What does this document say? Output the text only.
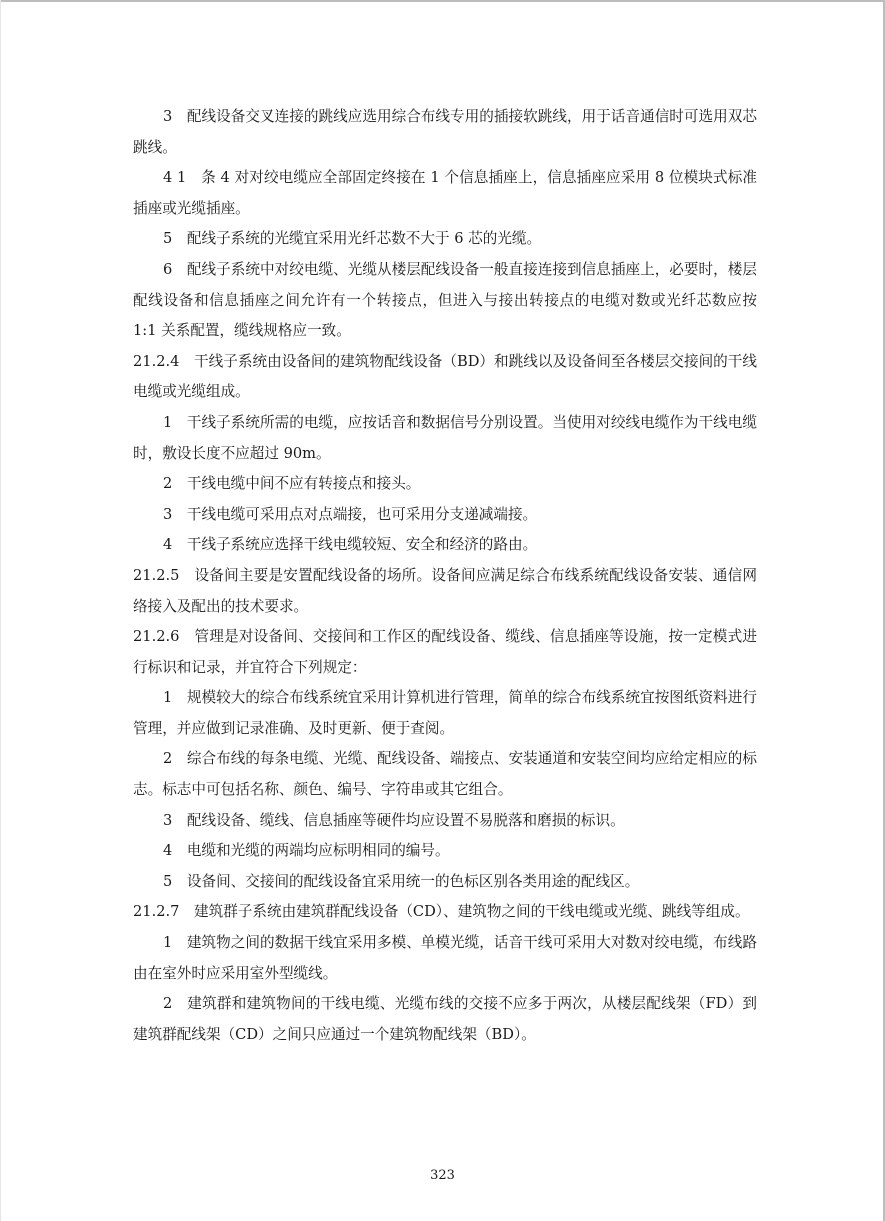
3　配线设备交叉连接的跳线应选用综合布线专用的插接软跳线，用于话音通信时可选用双芯跳线。

4 1　条 4 对对绞电缆应全部固定终接在 1 个信息插座上，信息插座应采用 8 位模块式标准插座或光缆插座。

5　配线子系统的光缆宜采用光纤芯数不大于 6 芯的光缆。

6　配线子系统中对绞电缆、光缆从楼层配线设备一般直接连接到信息插座上，必要时，楼层配线设备和信息插座之间允许有一个转接点，但进入与接出转接点的电缆对数或光纤芯数应按 1:1 关系配置，缆线规格应一致。

21.2.4　干线子系统由设备间的建筑物配线设备（BD）和跳线以及设备间至各楼层交接间的干线电缆或光缆组成。

1　干线子系统所需的电缆，应按话音和数据信号分别设置。当使用对绞线电缆作为干线电缆时，敷设长度不应超过 90m。

2　干线电缆中间不应有转接点和接头。

3　干线电缆可采用点对点端接，也可采用分支递减端接。

4　干线子系统应选择干线电缆较短、安全和经济的路由。

21.2.5　设备间主要是安置配线设备的场所。设备间应满足综合布线系统配线设备安装、通信网络接入及配出的技术要求。

21.2.6　管理是对设备间、交接间和工作区的配线设备、缆线、信息插座等设施，按一定模式进行标识和记录，并宜符合下列规定：

1　规模较大的综合布线系统宜采用计算机进行管理，简单的综合布线系统宜按图纸资料进行管理，并应做到记录准确、及时更新、便于查阅。

2　综合布线的每条电缆、光缆、配线设备、端接点、安装通道和安装空间均应给定相应的标志。标志中可包括名称、颜色、编号、字符串或其它组合。

3　配线设备、缆线、信息插座等硬件均应设置不易脱落和磨损的标识。

4　电缆和光缆的两端均应标明相同的编号。

5　设备间、交接间的配线设备宜采用统一的色标区别各类用途的配线区。

21.2.7　建筑群子系统由建筑群配线设备（CD）、建筑物之间的干线电缆或光缆、跳线等组成。

1　建筑物之间的数据干线宜采用多模、单模光缆，话音干线可采用大对数对绞电缆，布线路由在室外时应采用室外型缆线。

2　建筑群和建筑物间的干线电缆、光缆布线的交接不应多于两次，从楼层配线架（FD）到建筑群配线架（CD）之间只应通过一个建筑物配线架（BD）。

323
